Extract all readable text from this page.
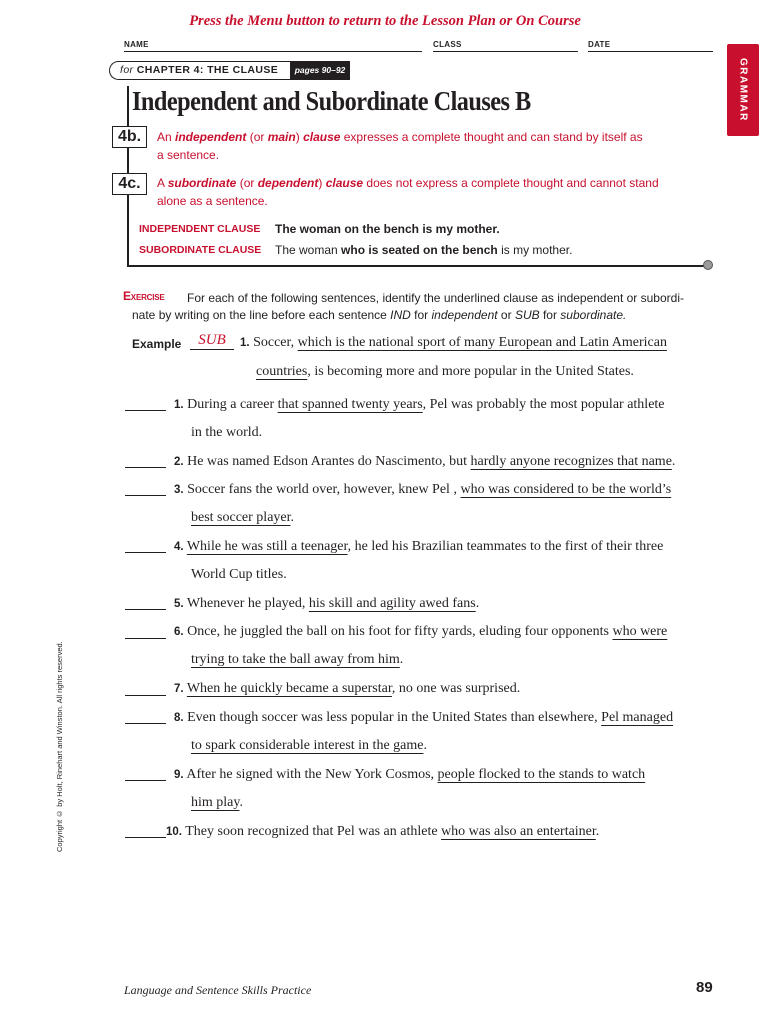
Press the Menu button to return to the Lesson Plan or On Course
NAME	CLASS	DATE
for CHAPTER 4: THE CLAUSE	pages 90–92	GRAMMAR
Independent and Subordinate Clauses B
4b.	An independent (or main) clause expresses a complete thought and can stand by itself as
a sentence.
4c.	A subordinate (or dependent) clause does not express a complete thought and cannot stand
alone as a sentence.
INDEPENDENT CLAUSE The woman on the bench is my mother.
SUBORDINATE CLAUSE The woman who is seated on the bench is my mother.
Exercise For each of the following sentences, identify the underlined clause as independent or subordi-
nate by writing on the line before each sentence IND for independent or SUB for subordinate.
Example	SUB	1. Soccer, which is the national sport of many European and Latin American
countries, is becoming more and more popular in the United States.
1. During a career that spanned twenty years, Pel was probably the most popular athlete
in the world.
2. He was named Edson Arantes do Nascimento, but hardly anyone recognizes that name.
3. Soccer fans the world over, however, knew Pel , who was considered to be the world’s
best soccer player.
4. While he was still a teenager, he led his Brazilian teammates to the first of their three
World Cup titles.
5. Whenever he played, his skill and agility awed fans.
6. Once, he juggled the ball on his foot for fifty yards, eluding four opponents who were
trying to take the ball away from him.
7. When he quickly became a superstar, no one was surprised.
8. Even though soccer was less popular in the United States than elsewhere, Pel managed
to spark considerable interest in the game.
9. After he signed with the New York Cosmos, people flocked to the stands to watch
him play.
10. They soon recognized that Pel was an athlete who was also an entertainer.
Copyright © by Holt, Rinehart and Winston. All rights reserved.
Language and Sentence Skills Practice	89
